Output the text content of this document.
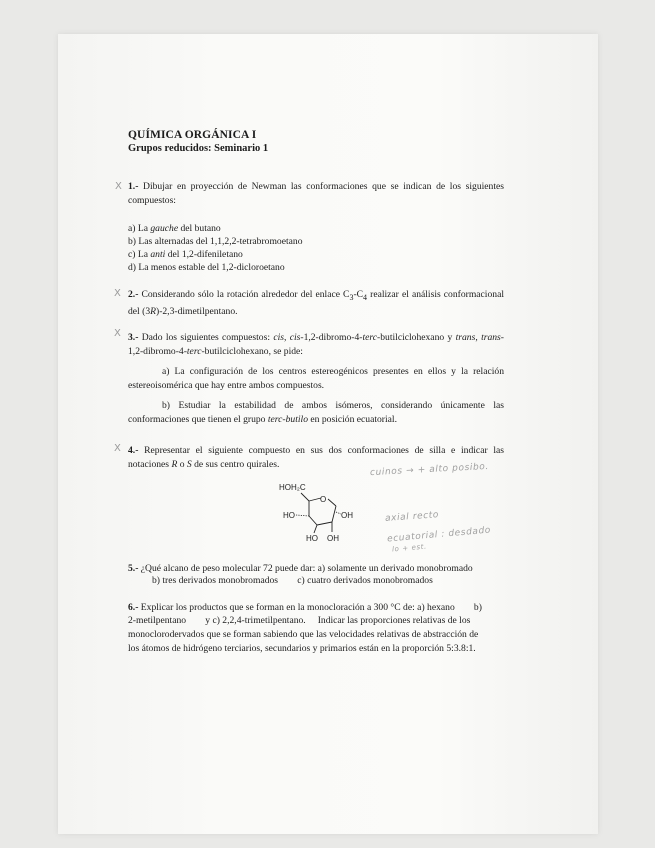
QUÍMICA ORGÁNICA I
Grupos reducidos: Seminario 1
X 1.- Dibujar en proyección de Newman las conformaciones que se indican de los siguientes compuestos:
a) La gauche del butano
b) Las alternadas del 1,1,2,2-tetrabromoetano
c) La anti del 1,2-difeniletano
d) La menos estable del 1,2-dicloroetano
X 2.- Considerando sólo la rotación alrededor del enlace $C_3-C_4$ realizar el análisis conformacional del (3R)-2,3-dimetilpentano.
X 3.- Dado los siguientes compuestos: cis, cis-1,2-dibromo-4-terc-butilciclohexano y trans, trans-1,2-dibromo-4-terc-butilciclohexano, se pide:
a) La configuración de los centros estereogénicos presentes en ellos y la relación estereoisomérica que hay entre ambos compuestos.
b) Estudiar la estabilidad de ambos isómeros, considerando únicamente las conformaciones que tienen el grupo terc-butilo en posición ecuatorial.
X 4.- Representar el siguiente compuesto en sus dos conformaciones de silla e indicar las notaciones R o S de sus centro quirales.
HOH₂C
O
HO	OH
HO OH
cuinos → + alto posibo.
axial recto
ecuatorial : desdado
lo + est.
5.- ¿Qué alcano de peso molecular 72 puede dar: a) solamente un derivado monobromado
b) tres derivados monobromados        c) cuatro derivados monobromados
6.- Explicar los productos que se forman en la monocloración a 300 °C de: a) hexano        b)
2-metilpentano        y c) 2,2,4-trimetilpentano.     Indicar las proporciones relativas de los
monoclorodervados que se forman sabiendo que las velocidades relativas de abstracción de
los átomos de hidrógeno terciarios, secundarios y primarios están en la proporción 5:3.8:1.
